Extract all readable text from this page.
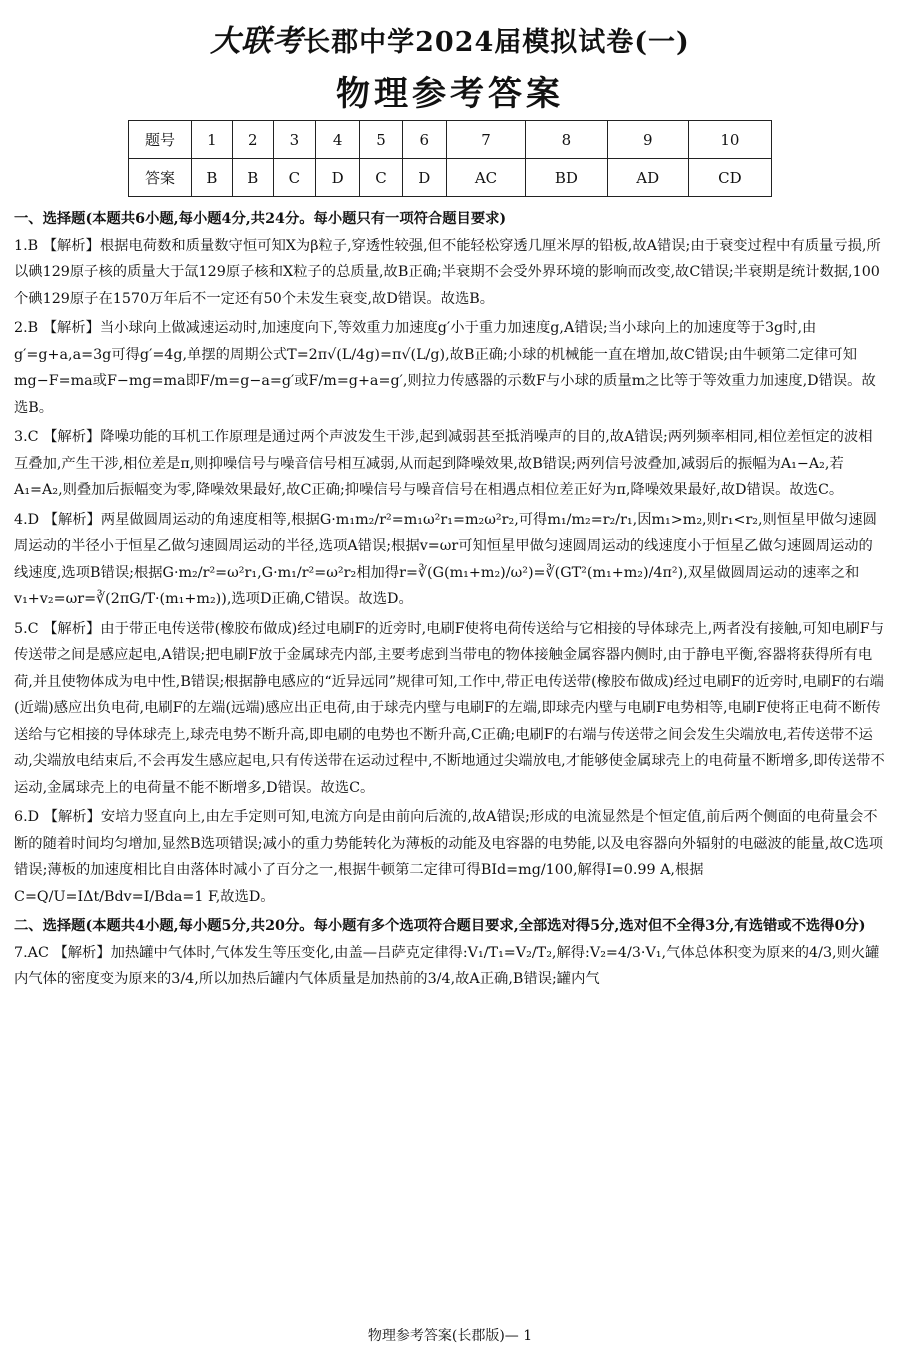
大联考长郡中学2024届模拟试卷(一)
物理参考答案
题号	1	2	3	4	5	6	7	8	9	10
答案	B	B	C	D	C	D	AC	BD	AD	CD

一、选择题(本题共6小题,每小题4分,共24分。每小题只有一项符合题目要求)

1.B 【解析】根据电荷数和质量数守恒可知X为β粒子,穿透性较强,但不能轻松穿透几厘米厚的铅板,故A错误;由于衰变过程中有质量亏损,所以碘129原子核的质量大于氙129原子核和X粒子的总质量,故B正确;半衰期不会受外界环境的影响而改变,故C错误;半衰期是统计数据,100个碘129原子在1570万年后不一定还有50个未发生衰变,故D错误。故选B。

2.B 【解析】当小球向上做减速运动时,加速度向下,等效重力加速度g′小于重力加速度g,A错误;当小球向上的加速度等于3g时,由g′=g+a,a=3g可得g′=4g,单摆的周期公式T=2π√(L/4g)=π√(L/g),故B正确;小球的机械能一直在增加,故C错误;由牛顿第二定律可知mg−F=ma或F−mg=ma即F/m=g−a=g′或F/m=g+a=g′,则拉力传感器的示数F与小球的质量m之比等于等效重力加速度,D错误。故选B。

3.C 【解析】降噪功能的耳机工作原理是通过两个声波发生干涉,起到减弱甚至抵消噪声的目的,故A错误;两列频率相同,相位差恒定的波相互叠加,产生干涉,相位差是π,则抑噪信号与噪音信号相互减弱,从而起到降噪效果,故B错误;两列信号波叠加,减弱后的振幅为A₁−A₂,若A₁=A₂,则叠加后振幅变为零,降噪效果最好,故C正确;抑噪信号与噪音信号在相遇点相位差正好为π,降噪效果最好,故D错误。故选C。

4.D 【解析】两星做圆周运动的角速度相等,根据G·m₁m₂/r²=m₁ω²r₁=m₂ω²r₂,可得m₁/m₂=r₂/r₁,因m₁>m₂,则r₁<r₂,则恒星甲做匀速圆周运动的半径小于恒星乙做匀速圆周运动的半径,选项A错误;根据v=ωr可知恒星甲做匀速圆周运动的线速度小于恒星乙做匀速圆周运动的线速度,选项B错误;根据G·m₂/r²=ω²r₁,G·m₁/r²=ω²r₂相加得r=∛(G(m₁+m₂)/ω²)=∛(GT²(m₁+m₂)/4π²),双星做圆周运动的速率之和v₁+v₂=ωr=∛(2πG/T·(m₁+m₂)),选项D正确,C错误。故选D。

5.C 【解析】由于带正电传送带(橡胶布做成)经过电刷F的近旁时,电刷F使将电荷传送给与它相接的导体球壳上,两者没有接触,可知电刷F与传送带之间是感应起电,A错误;把电刷F放于金属球壳内部,主要考虑到当带电的物体接触金属容器内侧时,由于静电平衡,容器将获得所有电荷,并且使物体成为电中性,B错误;根据静电感应的“近异远同”规律可知,工作中,带正电传送带(橡胶布做成)经过电刷F的近旁时,电刷F的右端(近端)感应出负电荷,电刷F的左端(远端)感应出正电荷,由于球壳内壁与电刷F的左端,即球壳内壁与电刷F电势相等,电刷F使将正电荷不断传送给与它相接的导体球壳上,球壳电势不断升高,即电刷的电势也不断升高,C正确;电刷F的右端与传送带之间会发生尖端放电,若传送带不运动,尖端放电结束后,不会再发生感应起电,只有传送带在运动过程中,不断地通过尖端放电,才能够使金属球壳上的电荷量不断增多,即传送带不运动,金属球壳上的电荷量不能不断增多,D错误。故选C。

6.D 【解析】安培力竖直向上,由左手定则可知,电流方向是由前向后流的,故A错误;形成的电流显然是个恒定值,前后两个侧面的电荷量会不断的随着时间均匀增加,显然B选项错误;减小的重力势能转化为薄板的动能及电容器的电势能,以及电容器向外辐射的电磁波的能量,故C选项错误;薄板的加速度相比自由落体时减小了百分之一,根据牛顿第二定律可得BId=mg/100,解得I=0.99 A,根据C=Q/U=IΔt/Bdv=I/Bda=1 F,故选D。

二、选择题(本题共4小题,每小题5分,共20分。每小题有多个选项符合题目要求,全部选对得5分,选对但不全得3分,有选错或不选得0分)

7.AC 【解析】加热罐中气体时,气体发生等压变化,由盖—吕萨克定律得:V₁/T₁=V₂/T₂,解得:V₂=4/3·V₁,气体总体积变为原来的4/3,则火罐内气体的密度变为原来的3/4,所以加热后罐内气体质量是加热前的3/4,故A正确,B错误;罐内气

物理参考答案(长郡版)— 1
